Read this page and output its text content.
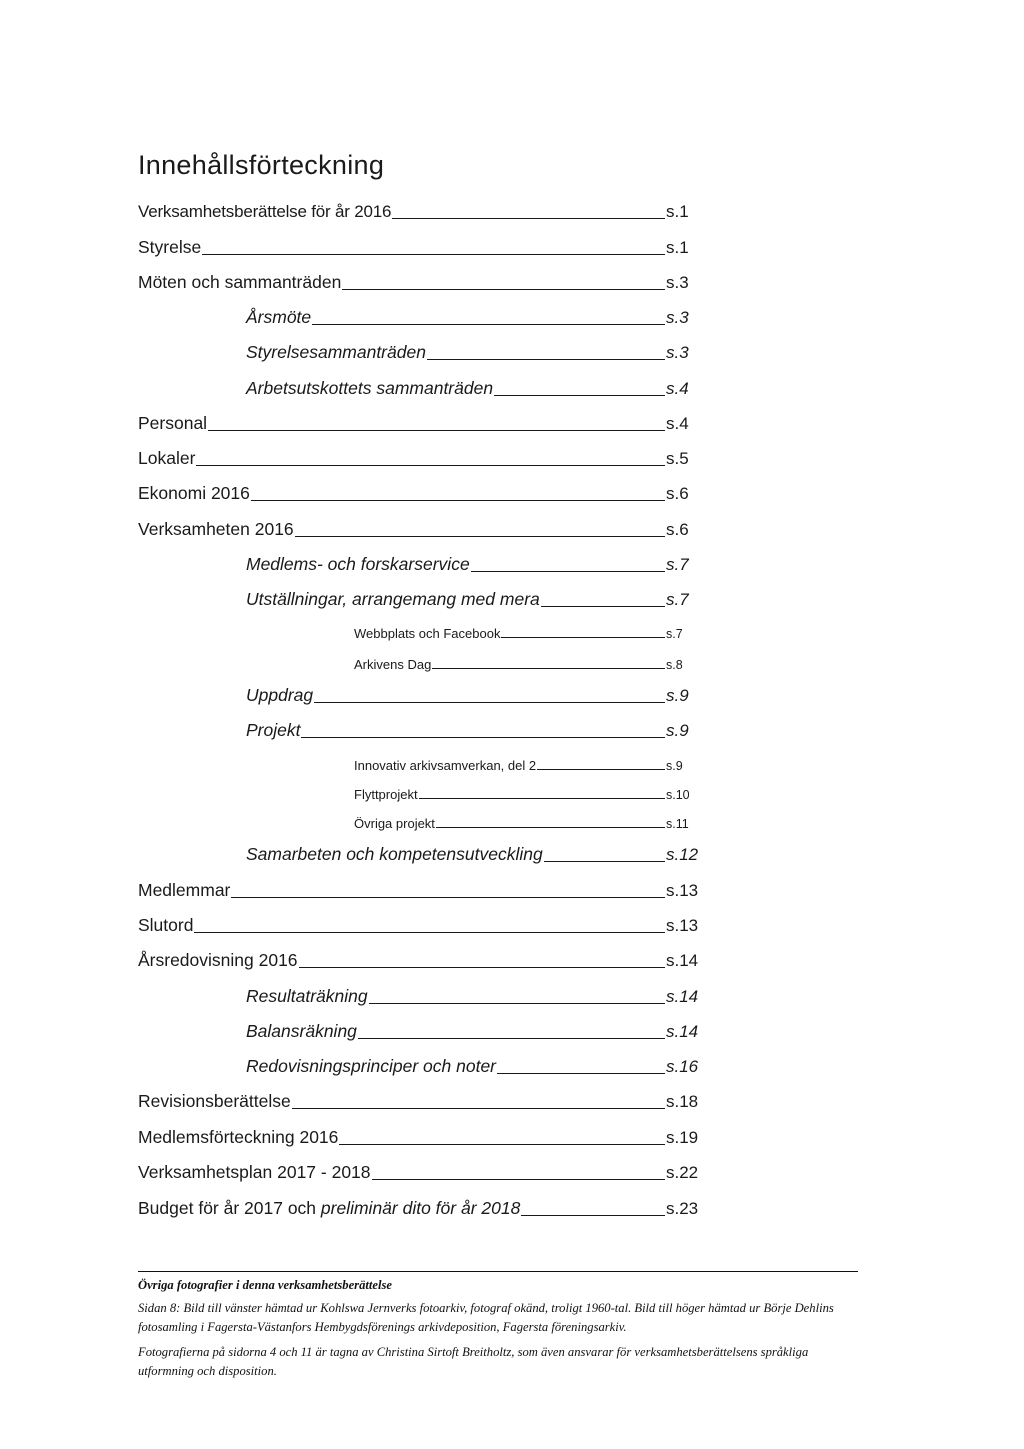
Innehållsförteckning
Verksamhetsberättelse för år 2016	s.1
Styrelse	s.1
Möten och sammanträden	s.3
Årsmöte	s.3
Styrelsesammanträden	s.3
Arbetsutskottets sammanträden	s.4
Personal	s.4
Lokaler	s.5
Ekonomi 2016	s.6
Verksamheten 2016	s.6
Medlems- och forskarservice	s.7
Utställningar, arrangemang med mera	s.7
Webbplats och Facebook	s.7
Arkivens Dag	s.8
Uppdrag	s.9
Projekt	s.9
Innovativ arkivsamverkan, del 2	s.9
Flyttprojekt	s.10
Övriga projekt	s.11
Samarbeten och kompetensutveckling	s.12
Medlemmar	s.13
Slutord	s.13
Årsredovisning 2016	s.14
Resultaträkning	s.14
Balansräkning	s.14
Redovisningsprinciper och noter	s.16
Revisionsberättelse	s.18
Medlemsförteckning 2016	s.19
Verksamhetsplan 2017 - 2018	s.22
Budget för år 2017 och preliminär dito för år 2018	s.23

Övriga fotografier i denna verksamhetsberättelse

Sidan 8: Bild till vänster hämtad ur Kohlswa Jernverks fotoarkiv, fotograf okänd, troligt 1960-tal. Bild till höger hämtad ur Börje Dehlins fotosamling i Fagersta-Västanfors Hembygdsförenings arkivdeposition, Fagersta föreningsarkiv.

Fotografierna på sidorna 4 och 11 är tagna av Christina Sirtoft Breitholtz, som även ansvarar för verksamhetsberättelsens språkliga utformning och disposition.
